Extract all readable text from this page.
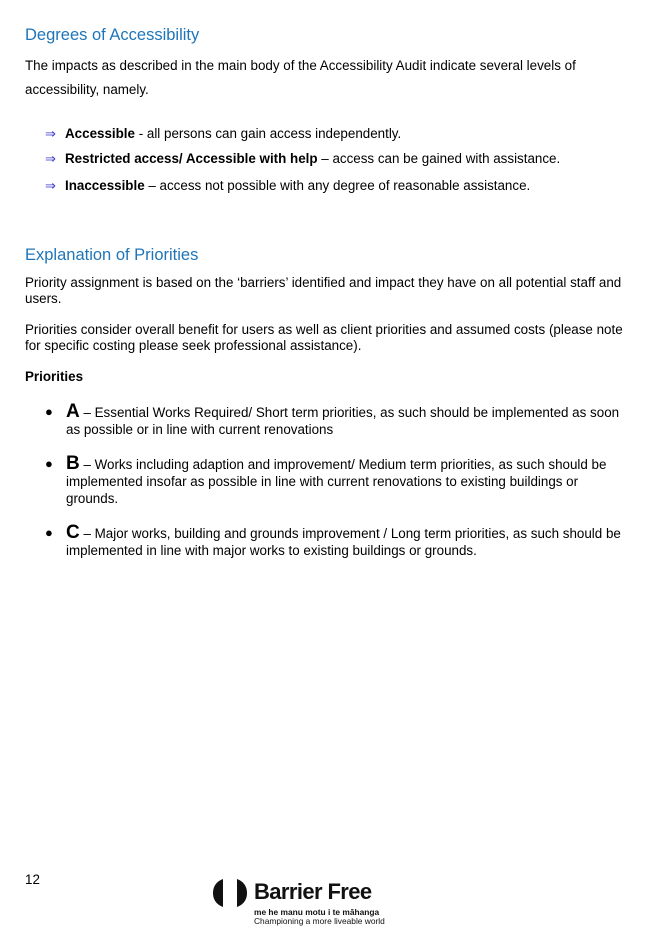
Degrees of Accessibility

The impacts as described in the main body of the Accessibility Audit indicate several levels of accessibility, namely.

⇒ Accessible - all persons can gain access independently.
⇒ Restricted access/ Accessible with help – access can be gained with assistance.
⇒ Inaccessible – access not possible with any degree of reasonable assistance.
Explanation of Priorities

Priority assignment is based on the ‘barriers’ identified and impact they have on all potential staff and users.

Priorities consider overall benefit for users as well as client priorities and assumed costs (please note for specific costing please seek professional assistance).

Priorities

● A – Essential Works Required/ Short term priorities, as such should be implemented as soon as possible or in line with current renovations
● B – Works including adaption and improvement/ Medium term priorities, as such should be implemented insofar as possible in line with current renovations to existing buildings or grounds.
● C – Major works, building and grounds improvement / Long term priorities, as such should be implemented in line with major works to existing buildings or grounds.
12	Barrier Free
me he manu motu i te māhanga
Championing a more liveable world
